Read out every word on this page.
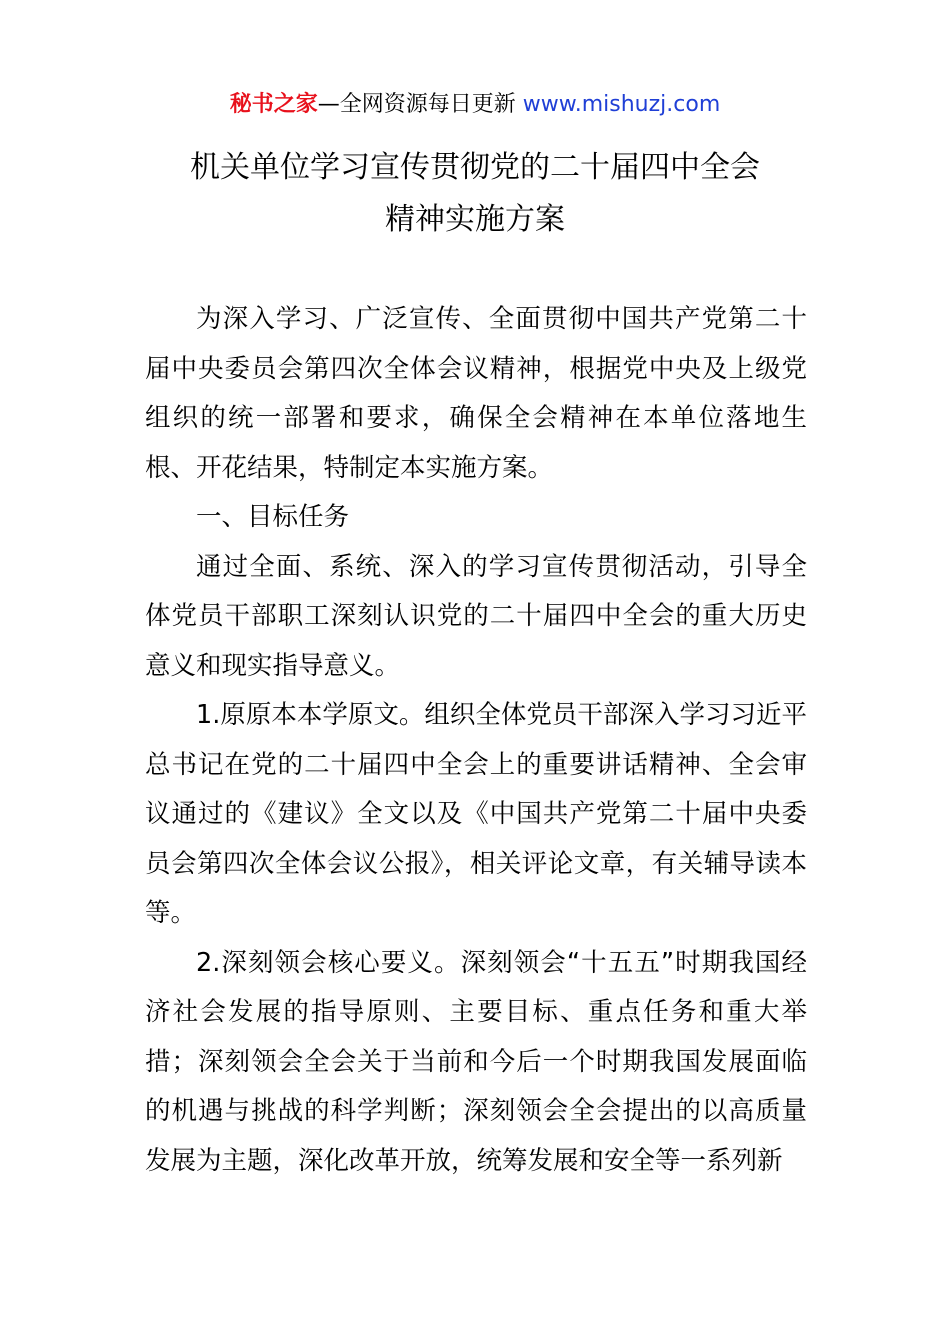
秘书之家—全网资源每日更新 www.mishuzj.com
机关单位学习宣传贯彻党的二十届四中全会
精神实施方案

为深入学习、广泛宣传、全面贯彻中国共产党第二十届中央委员会第四次全体会议精神，根据党中央及上级党组织的统一部署和要求，确保全会精神在本单位落地生根、开花结果，特制定本实施方案。

一、目标任务

通过全面、系统、深入的学习宣传贯彻活动，引导全体党员干部职工深刻认识党的二十届四中全会的重大历史意义和现实指导意义。

1.原原本本学原文。组织全体党员干部深入学习习近平总书记在党的二十届四中全会上的重要讲话精神、全会审议通过的《建议》全文以及《中国共产党第二十届中央委员会第四次全体会议公报》，相关评论文章，有关辅导读本等。

2.深刻领会核心要义。深刻领会“十五五”时期我国经济社会发展的指导原则、主要目标、重点任务和重大举措；深刻领会全会关于当前和今后一个时期我国发展面临的机遇与挑战的科学判断；深刻领会全会提出的以高质量发展为主题，深化改革开放，统筹发展和安全等一系列新
